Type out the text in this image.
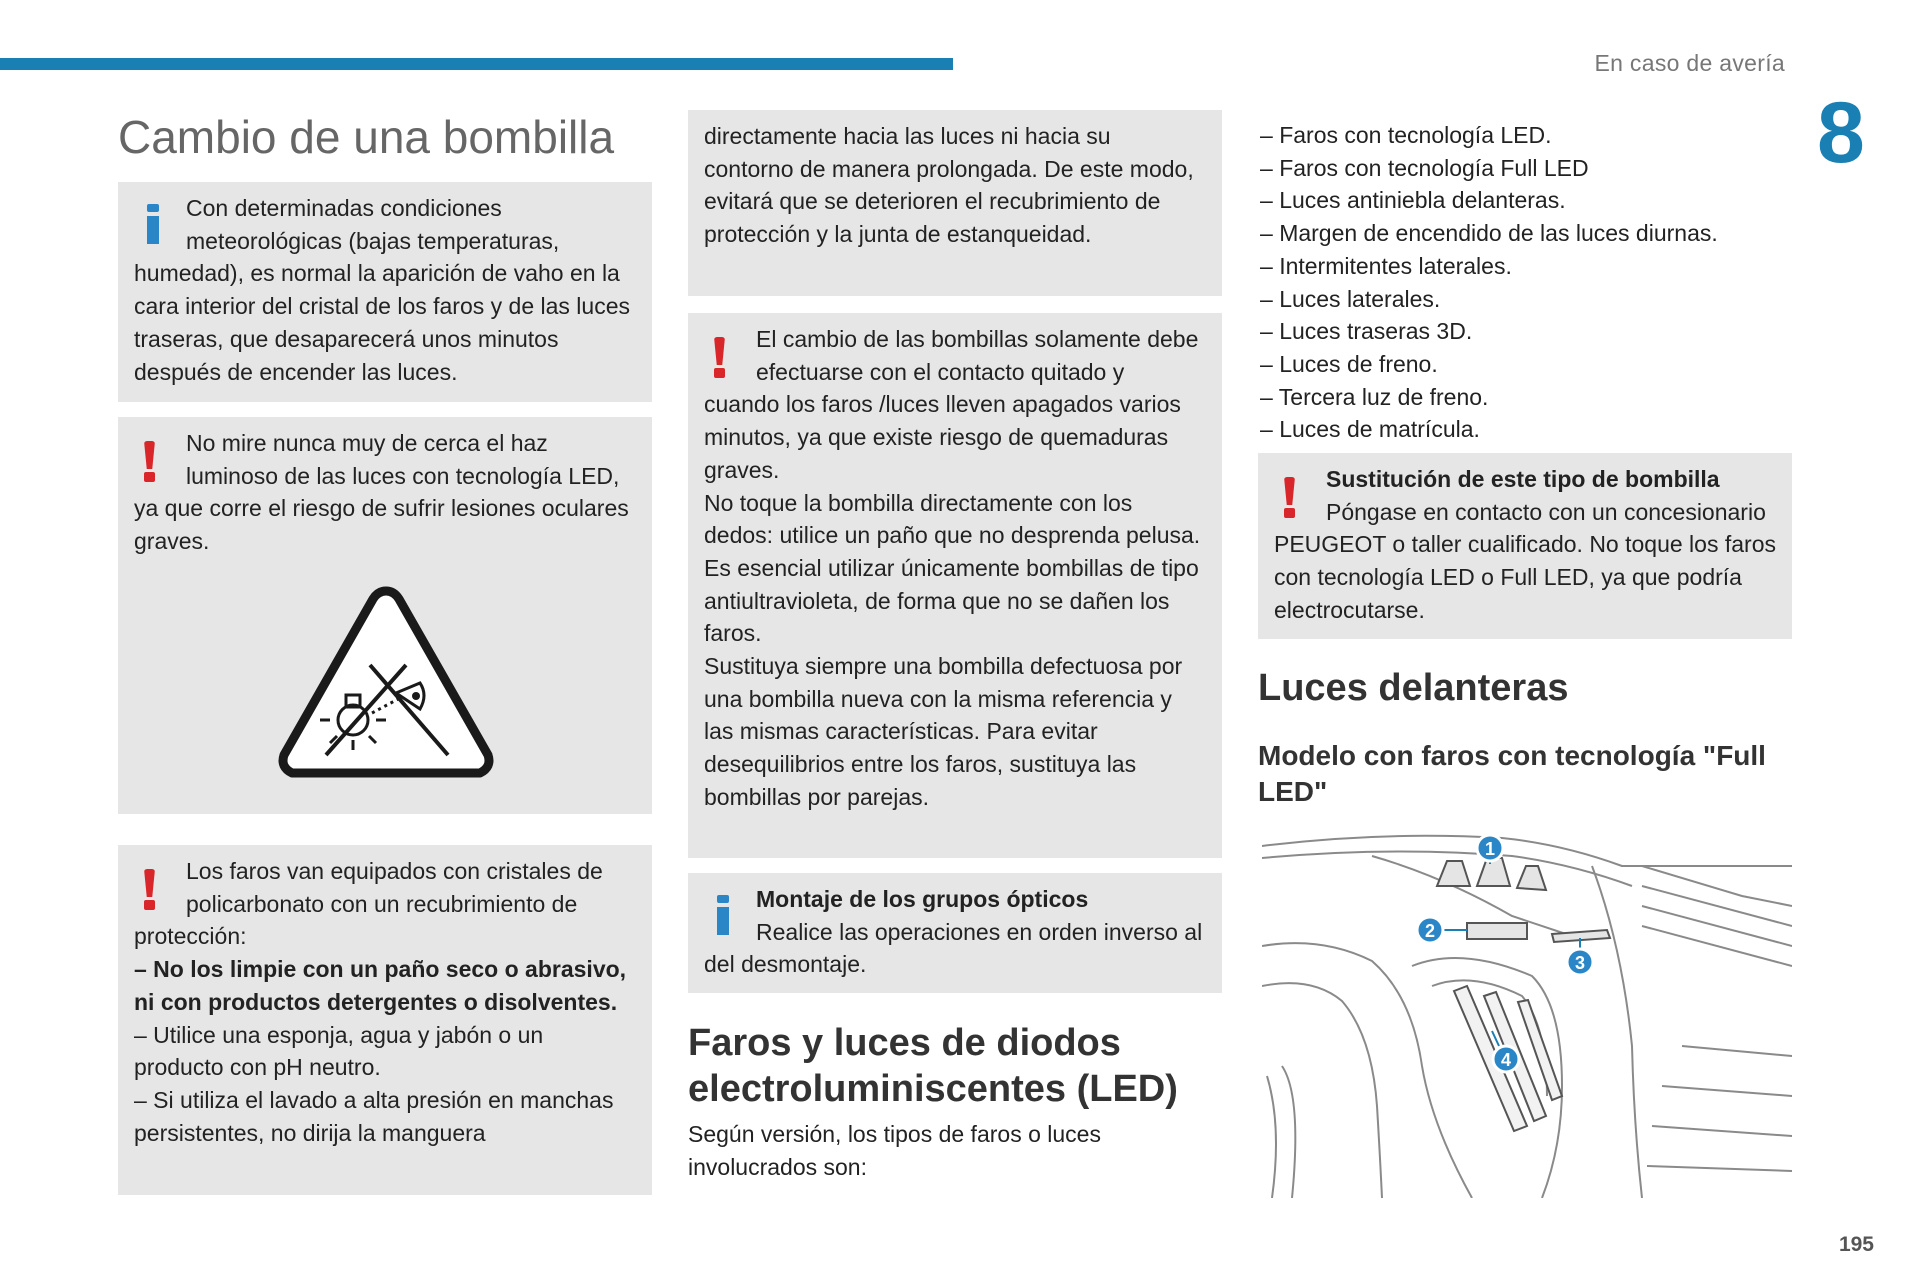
En caso de avería
8
195
Cambio de una bombilla

Con determinadas condiciones meteorológicas (bajas temperaturas, humedad), es normal la aparición de vaho en la cara interior del cristal de los faros y de las luces traseras, que desaparecerá unos minutos después de encender las luces.

No mire nunca muy de cerca el haz luminoso de las luces con tecnología LED, ya que corre el riesgo de sufrir lesiones oculares graves.

Los faros van equipados con cristales de policarbonato con un recubrimiento de protección:

– No los limpie con un paño seco o abrasivo, ni con productos detergentes o disolventes.

– Utilice una esponja, agua y jabón o un producto con pH neutro.

– Si utiliza el lavado a alta presión en manchas persistentes, no dirija la manguera

directamente hacia las luces ni hacia su contorno de manera prolongada. De este modo, evitará que se deterioren el recubrimiento de protección y la junta de estanqueidad.

El cambio de las bombillas solamente debe efectuarse con el contacto quitado y cuando los faros /luces lleven apagados varios minutos, ya que existe riesgo de quemaduras graves.

No toque la bombilla directamente con los dedos: utilice un paño que no desprenda pelusa.

Es esencial utilizar únicamente bombillas de tipo antiultravioleta, de forma que no se dañen los faros.

Sustituya siempre una bombilla defectuosa por una bombilla nueva con la misma referencia y las mismas características. Para evitar desequilibrios entre los faros, sustituya las bombillas por parejas.

Montaje de los grupos ópticos

Realice las operaciones en orden inverso al del desmontaje.

Faros y luces de diodos electroluminiscentes (LED)
Según versión, los tipos de faros o luces involucrados son:
– Faros con tecnología LED.
– Faros con tecnología Full LED
– Luces antiniebla delanteras.
– Margen de encendido de las luces diurnas.
– Intermitentes laterales.
– Luces laterales.
– Luces traseras 3D.
– Luces de freno.
– Tercera luz de freno.
– Luces de matrícula.

Sustitución de este tipo de bombilla

Póngase en contacto con un concesionario PEUGEOT o taller cualificado. No toque los faros con tecnología LED o Full LED, ya que podría electrocutarse.

Luces delanteras
Modelo con faros con tecnología "Full LED"
1
2
3
4
